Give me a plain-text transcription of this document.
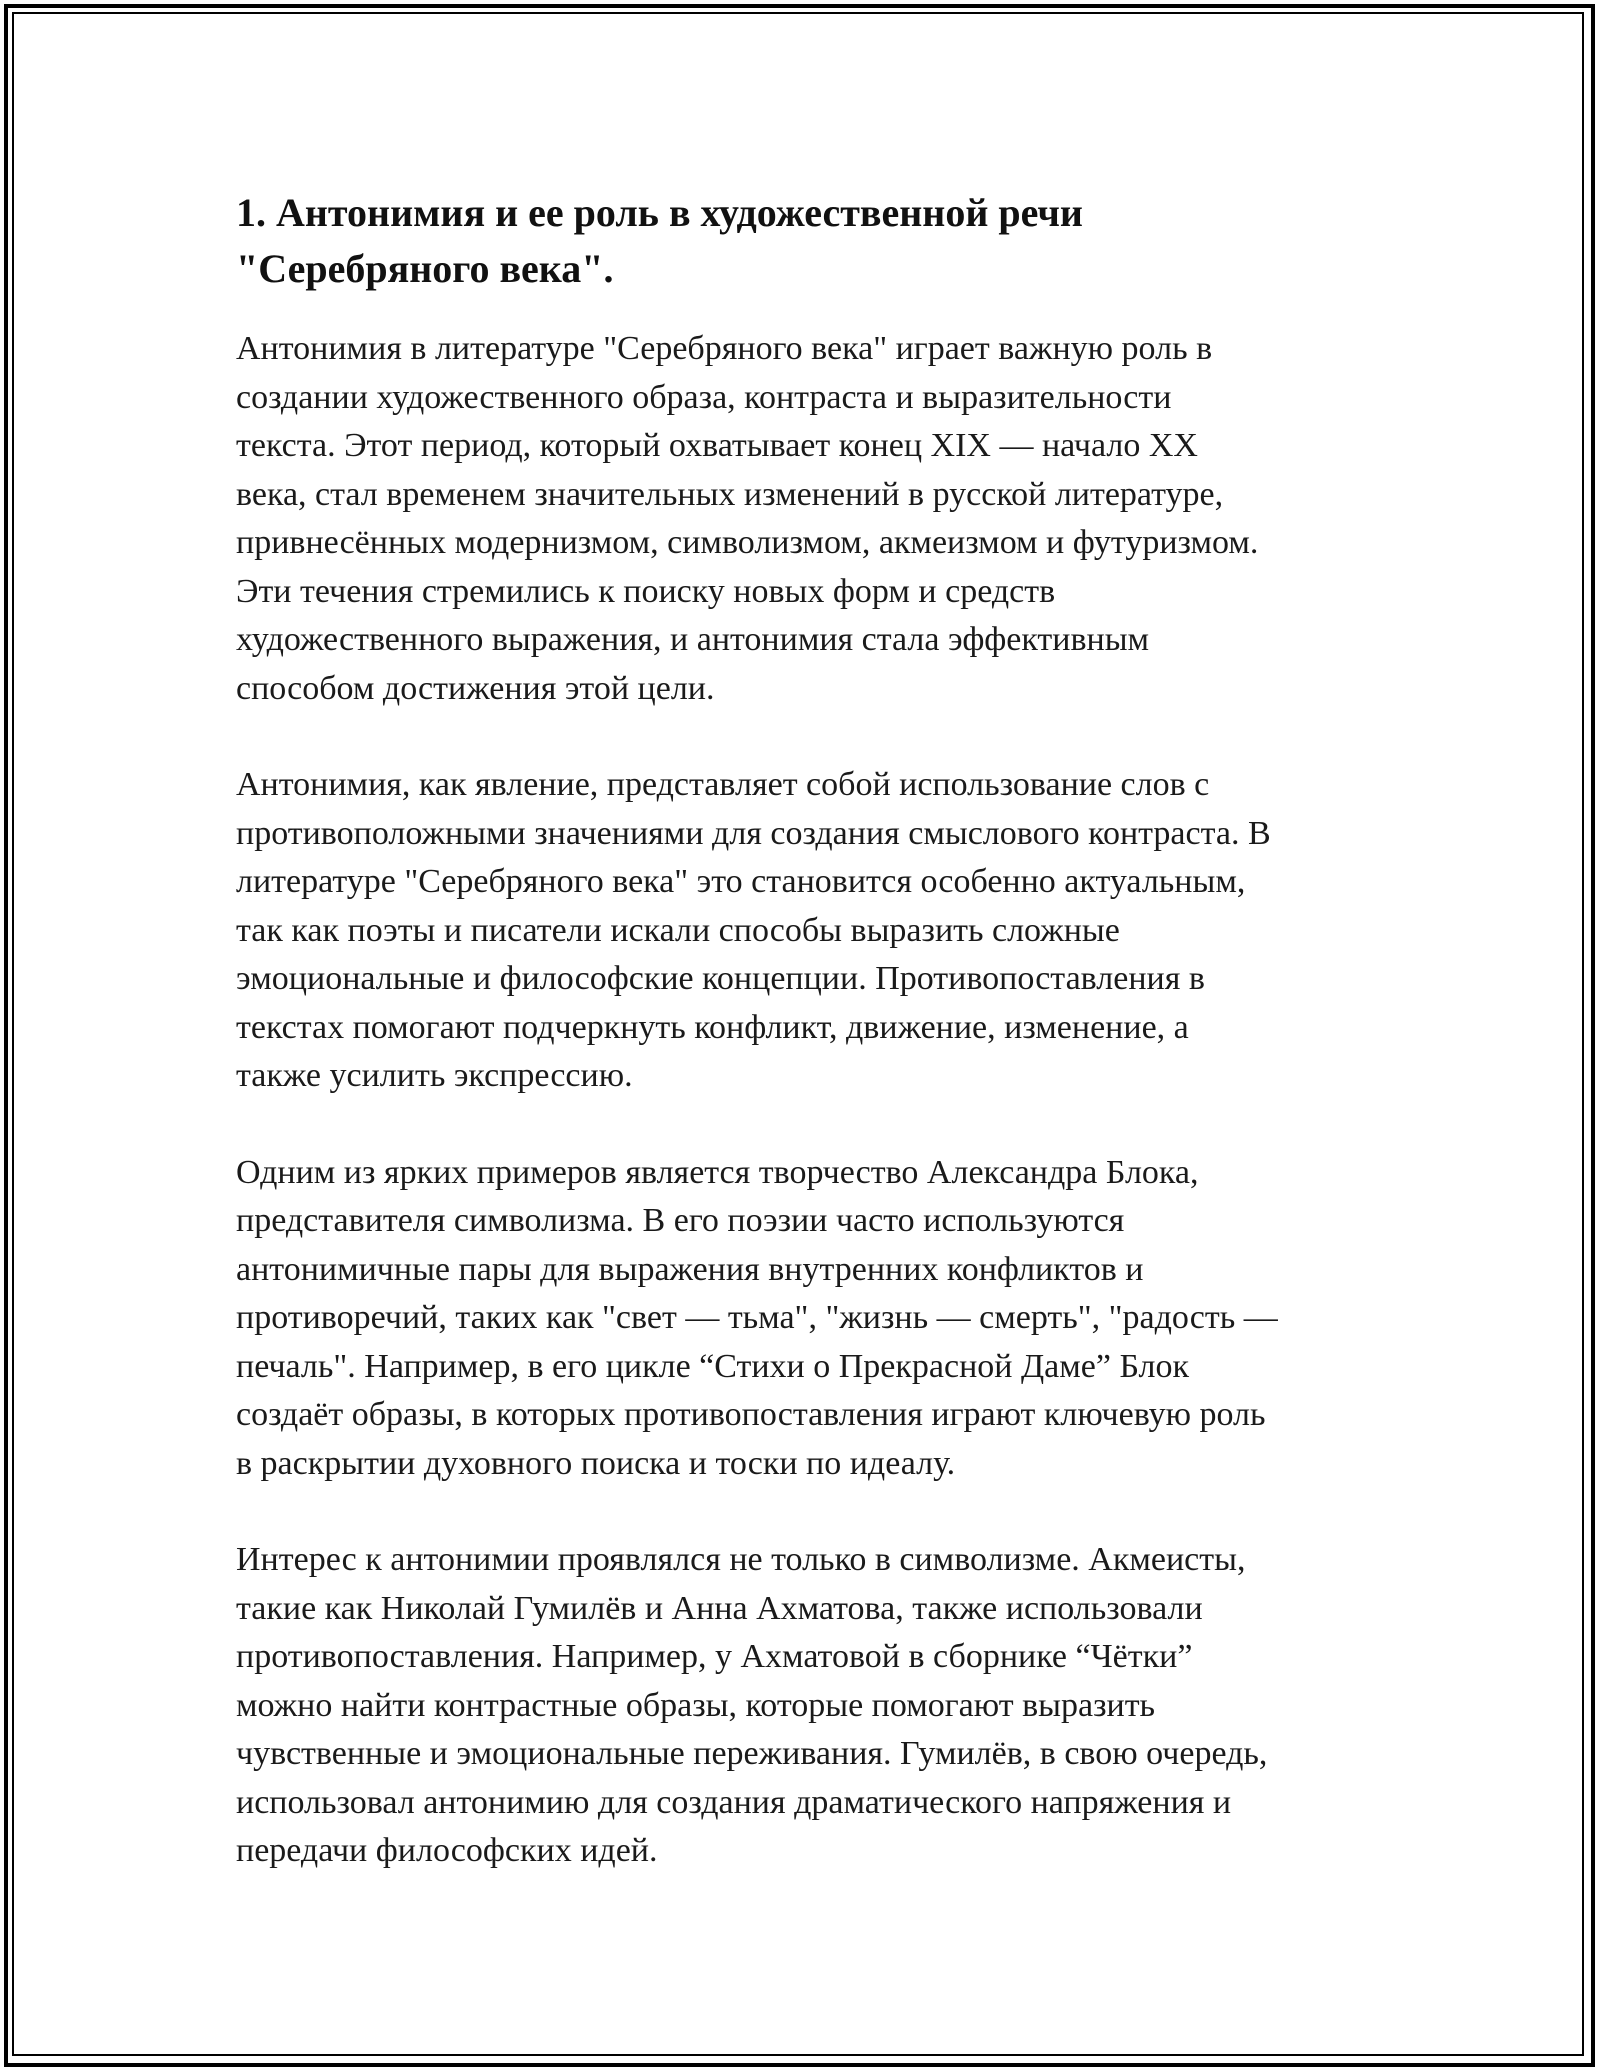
1. Антонимия и ее роль в художественной речи
"Серебряного века".

Антонимия в литературе "Серебряного века" играет важную роль в
создании художественного образа, контраста и выразительности
текста. Этот период, который охватывает конец XIX — начало XX
века, стал временем значительных изменений в русской литературе,
привнесённых модернизмом, символизмом, акмеизмом и футуризмом.
Эти течения стремились к поиску новых форм и средств
художественного выражения, и антонимия стала эффективным
способом достижения этой цели.

Антонимия, как явление, представляет собой использование слов с
противоположными значениями для создания смыслового контраста. В
литературе "Серебряного века" это становится особенно актуальным,
так как поэты и писатели искали способы выразить сложные
эмоциональные и философские концепции. Противопоставления в
текстах помогают подчеркнуть конфликт, движение, изменение, а
также усилить экспрессию.

Одним из ярких примеров является творчество Александра Блока,
представителя символизма. В его поэзии часто используются
антонимичные пары для выражения внутренних конфликтов и
противоречий, таких как "свет — тьма", "жизнь — смерть", "радость —
печаль". Например, в его цикле “Стихи о Прекрасной Даме” Блок
создаёт образы, в которых противопоставления играют ключевую роль
в раскрытии духовного поиска и тоски по идеалу.

Интерес к антонимии проявлялся не только в символизме. Акмеисты,
такие как Николай Гумилёв и Анна Ахматова, также использовали
противопоставления. Например, у Ахматовой в сборнике “Чётки”
можно найти контрастные образы, которые помогают выразить
чувственные и эмоциональные переживания. Гумилёв, в свою очередь,
использовал антонимию для создания драматического напряжения и
передачи философских идей.
